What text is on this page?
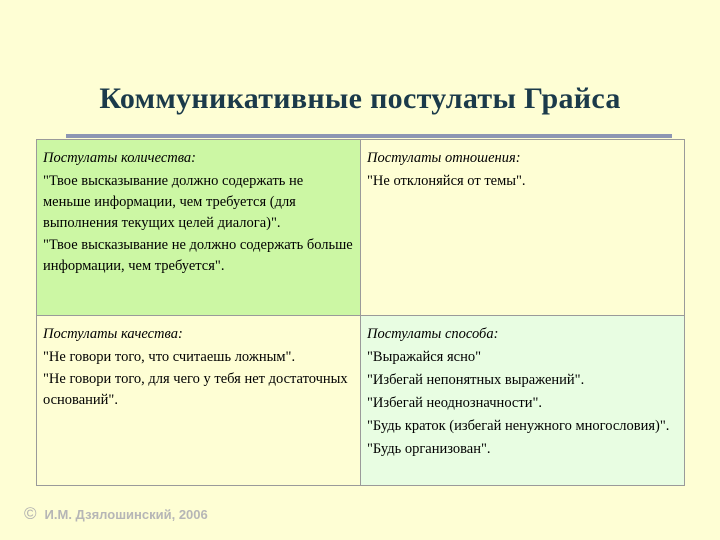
Коммуникативные постулаты Грайса
Постулаты количества:

"Твое высказывание должно содержать не меньше информации, чем требуется (для выполнения текущих целей диалога)".

"Твое высказывание не должно содержать больше информации, чем требуется".

Постулаты отношения:

"Не отклоняйся от темы".

Постулаты качества:

"Не говори того, что считаешь ложным".

"Не говори того, для чего у тебя нет достаточных оснований".

Постулаты способа:

"Выражайся ясно"

"Избегай непонятных выражений".

"Избегай неоднозначности".

"Будь краток (избегай ненужного многословия)".

"Будь организован".

© И.М. Дзялошинский, 2006
